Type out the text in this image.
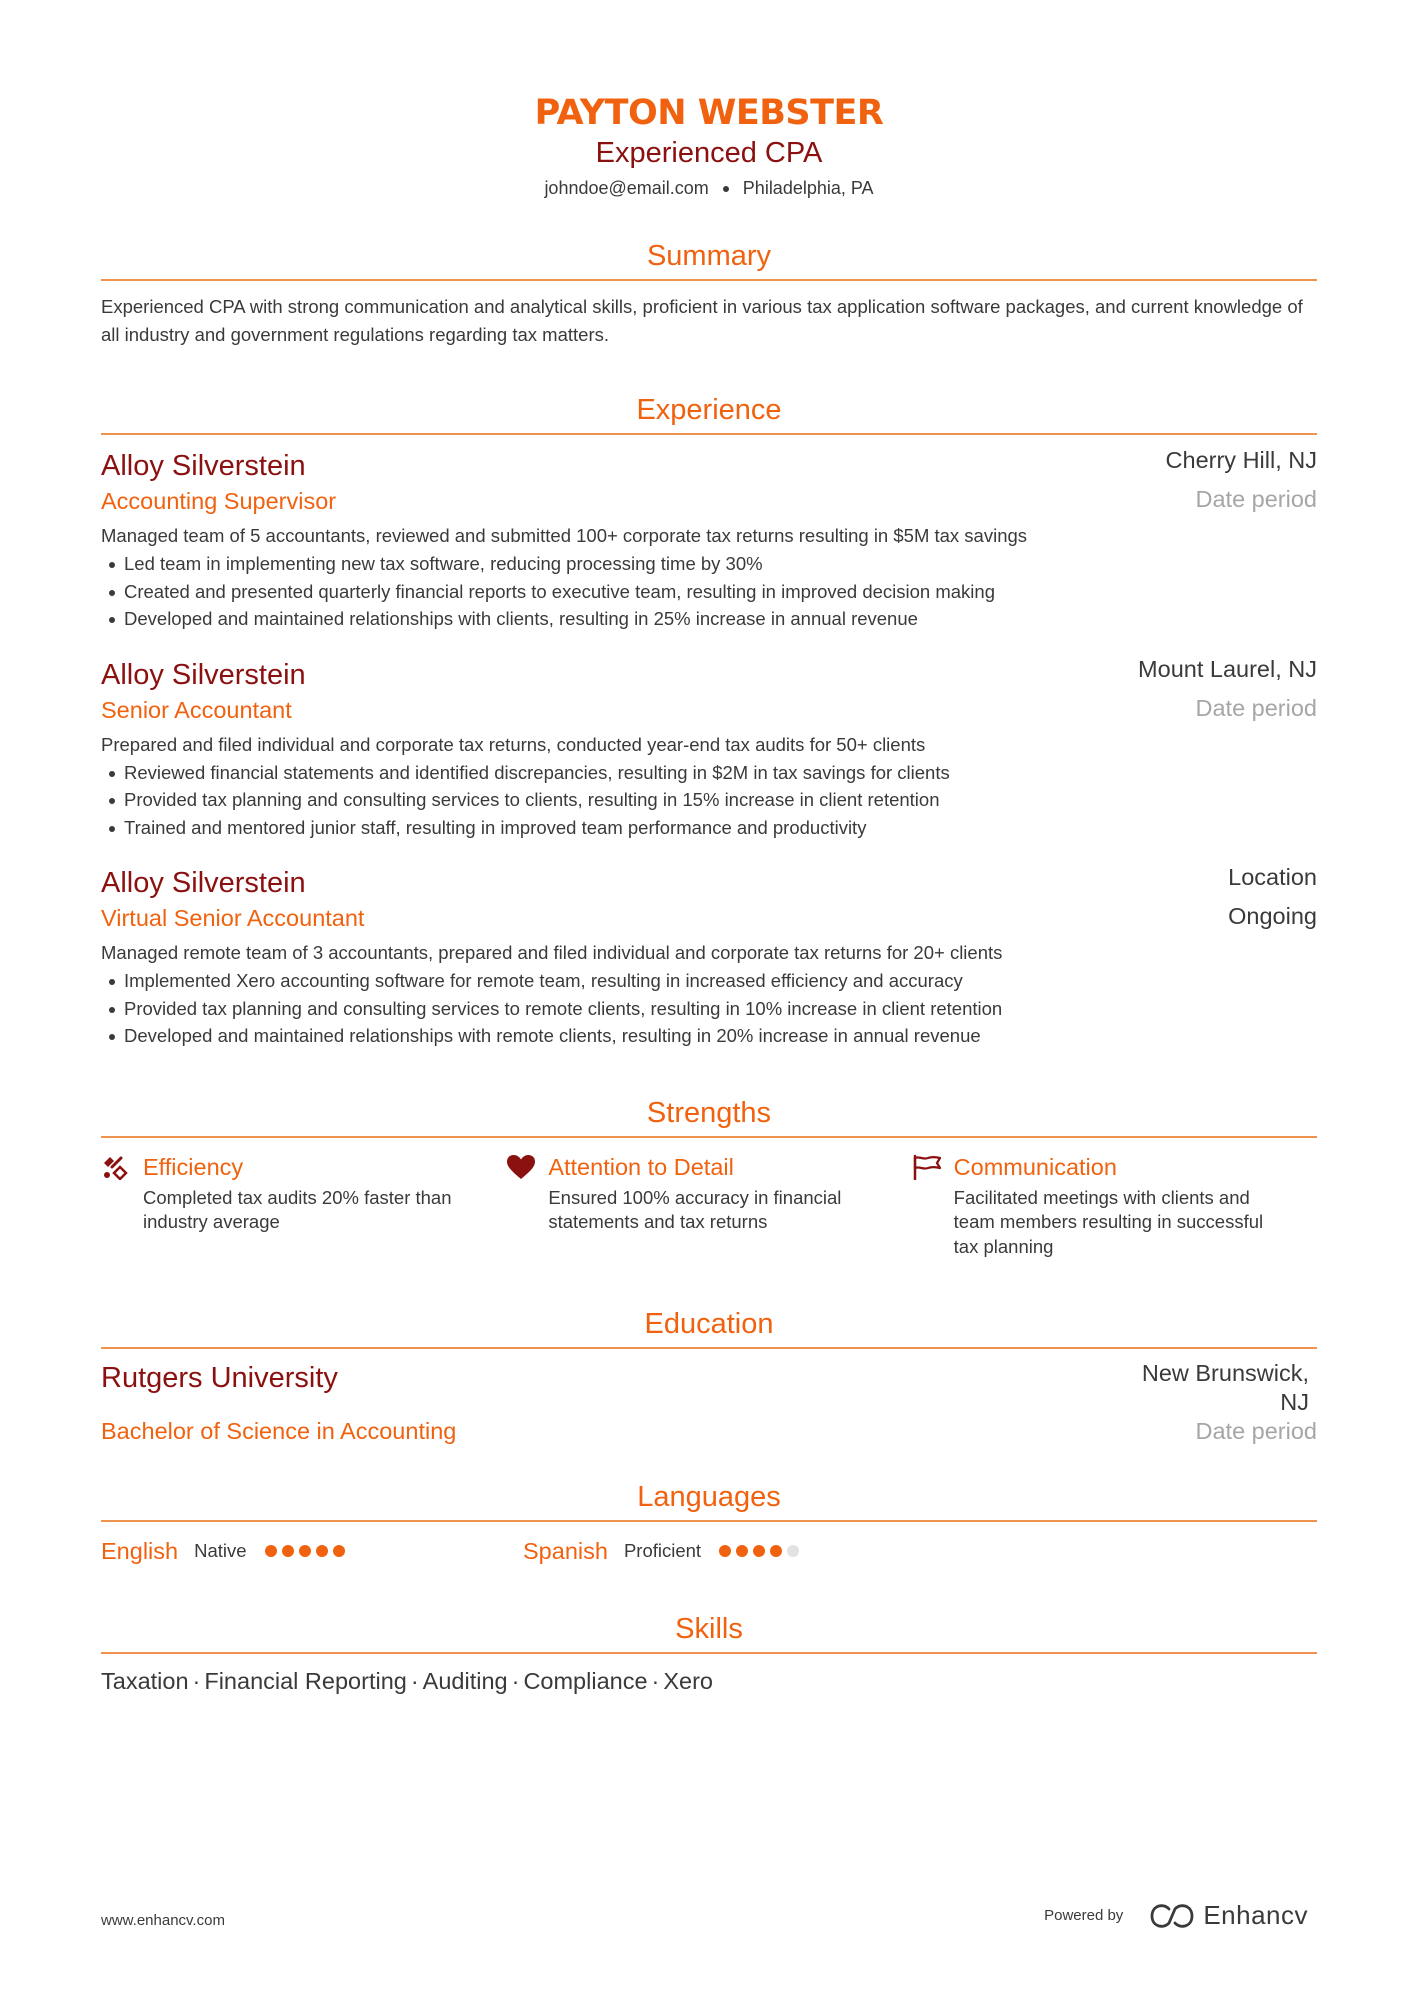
PAYTON WEBSTER
Experienced CPA
johndoe@email.com Philadelphia, PA
Summary
Experienced CPA with strong communication and analytical skills, proficient in various tax application software packages, and current knowledge of all industry and government regulations regarding tax matters.
Experience
Alloy Silverstein
Accounting Supervisor
Cherry Hill, NJ
Date period
Managed team of 5 accountants, reviewed and submitted 100+ corporate tax returns resulting in $5M tax savings
Led team in implementing new tax software, reducing processing time by 30%
Created and presented quarterly financial reports to executive team, resulting in improved decision making
Developed and maintained relationships with clients, resulting in 25% increase in annual revenue
Alloy Silverstein
Senior Accountant
Mount Laurel, NJ
Date period
Prepared and filed individual and corporate tax returns, conducted year-end tax audits for 50+ clients
Reviewed financial statements and identified discrepancies, resulting in $2M in tax savings for clients
Provided tax planning and consulting services to clients, resulting in 15% increase in client retention
Trained and mentored junior staff, resulting in improved team performance and productivity
Alloy Silverstein
Virtual Senior Accountant
Location
Ongoing
Managed remote team of 3 accountants, prepared and filed individual and corporate tax returns for 20+ clients
Implemented Xero accounting software for remote team, resulting in increased efficiency and accuracy
Provided tax planning and consulting services to remote clients, resulting in 10% increase in client retention
Developed and maintained relationships with remote clients, resulting in 20% increase in annual revenue
Strengths
Efficiency
Completed tax audits 20% faster than industry average
Attention to Detail
Ensured 100% accuracy in financial statements and tax returns
Communication
Facilitated meetings with clients and team members resulting in successful tax planning
Education
Rutgers University
Bachelor of Science in Accounting
New Brunswick, NJ
Date period
Languages
English Native	Spanish Proficient
Skills
Taxation · Financial Reporting · Auditing · Compliance · Xero
www.enhancv.com	Powered by	Enhancv
